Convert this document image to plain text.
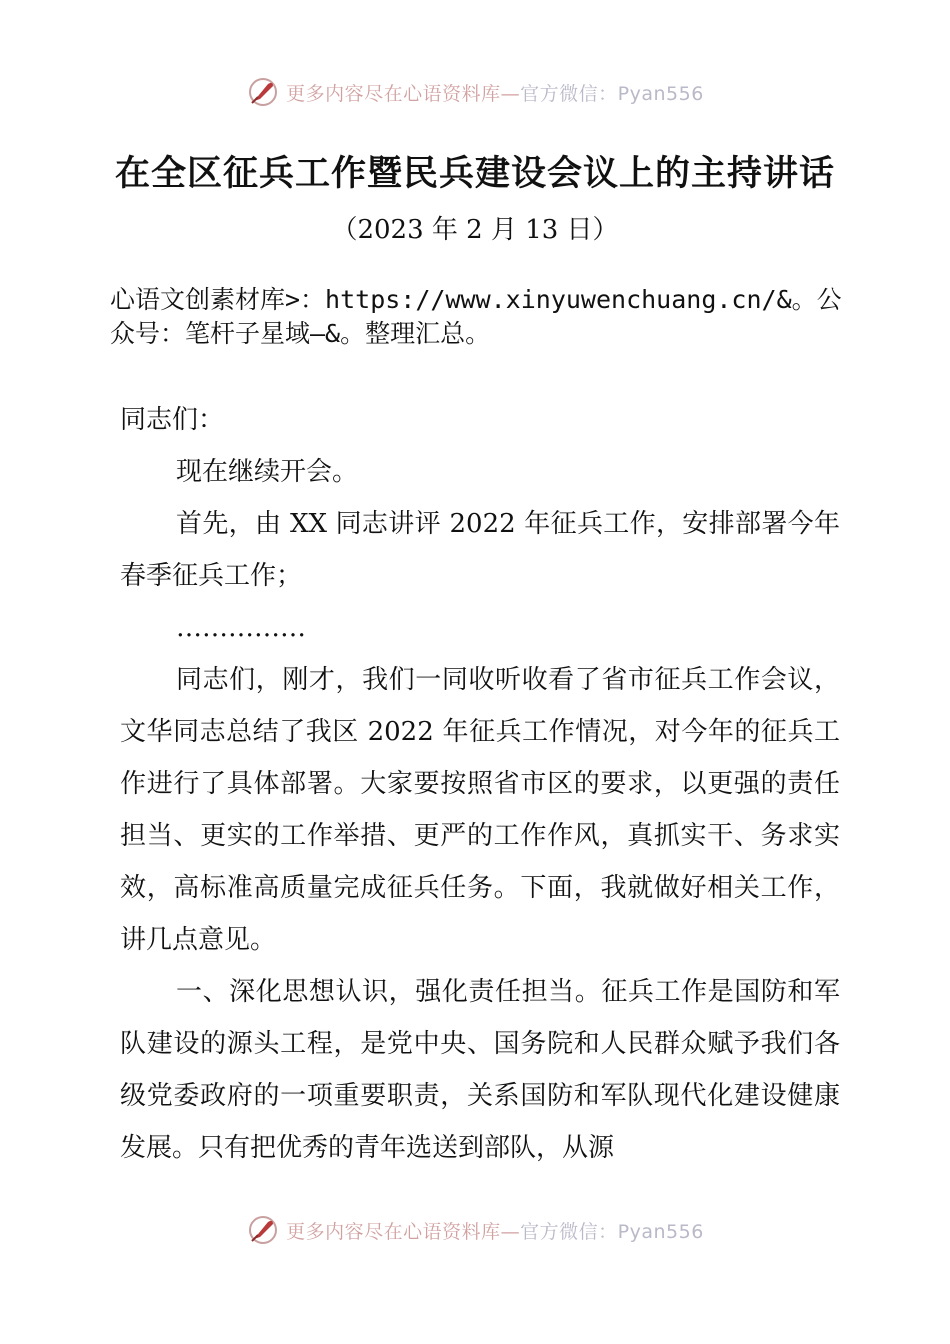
更多内容尽在心语资料库— 官方微信：Pyan556
在全区征兵工作暨民兵建设会议上的主持讲话

（2023 年 2 月 13 日）

心语文创素材库>：https://www.xinyuwenchuang.cn/&。公众号：笔杆子星域—&。整理汇总。

同志们：

现在继续开会。

首先，由 XX 同志讲评 2022 年征兵工作，安排部署今年春季征兵工作；

……………

同志们，刚才，我们一同收听收看了省市征兵工作会议，文华同志总结了我区 2022 年征兵工作情况，对今年的征兵工作进行了具体部署。大家要按照省市区的要求，以更强的责任担当、更实的工作举措、更严的工作作风，真抓实干、务求实效，高标准高质量完成征兵任务。下面，我就做好相关工作，讲几点意见。

一、深化思想认识，强化责任担当。征兵工作是国防和军队建设的源头工程，是党中央、国务院和人民群众赋予我们各级党委政府的一项重要职责，关系国防和军队现代化建设健康发展。只有把优秀的青年选送到部队，从源

更多内容尽在心语资料库— 官方微信：Pyan556
